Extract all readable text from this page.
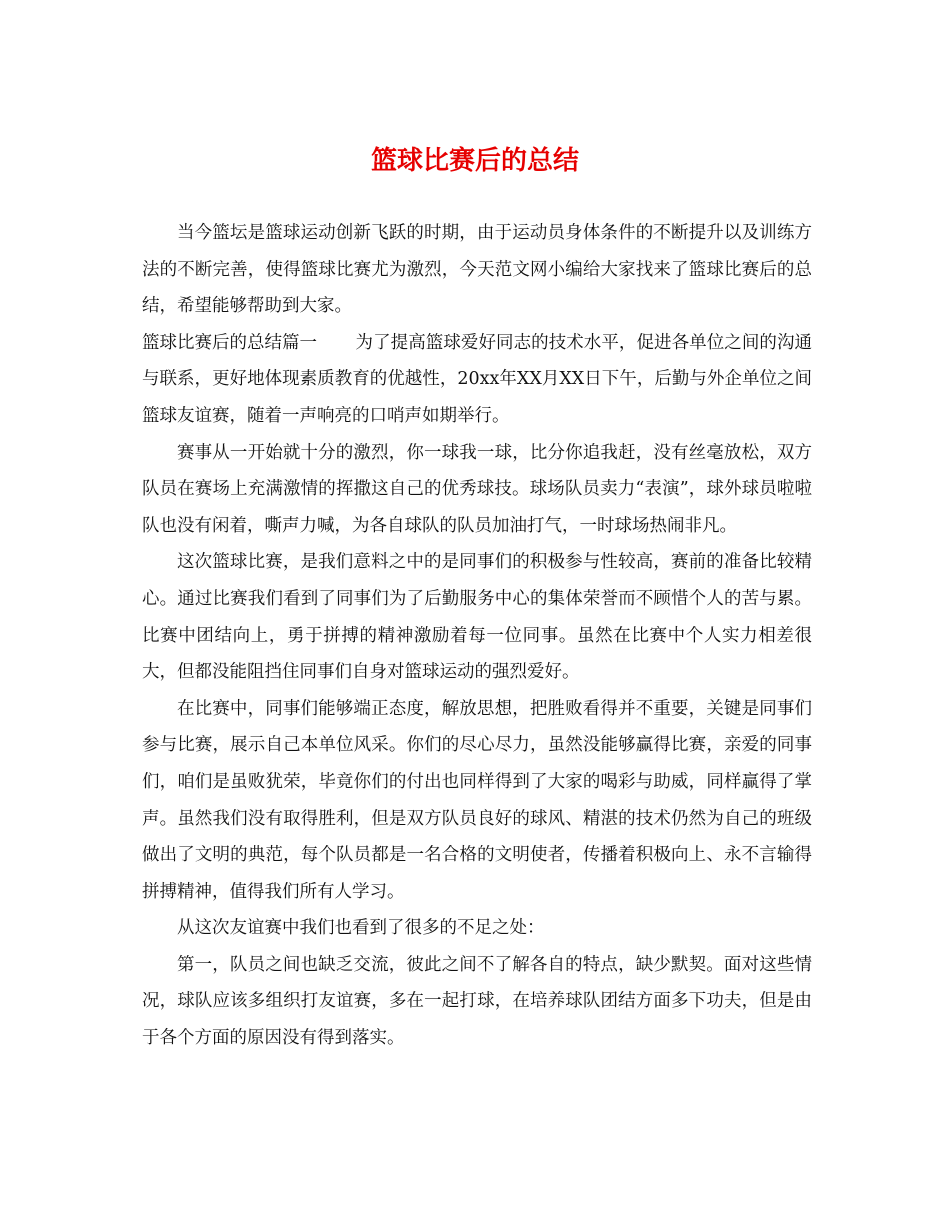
篮球比赛后的总结

当今篮坛是篮球运动创新飞跃的时期，由于运动员身体条件的不断提升以及训练方法的不断完善，使得篮球比赛尤为激烈，今天范文网小编给大家找来了篮球比赛后的总结，希望能够帮助到大家。

篮球比赛后的总结篇一 为了提高篮球爱好同志的技术水平，促进各单位之间的沟通与联系，更好地体现素质教育的优越性，20xx年XX月XX日下午，后勤与外企单位之间篮球友谊赛，随着一声响亮的口哨声如期举行。

赛事从一开始就十分的激烈，你一球我一球，比分你追我赶，没有丝毫放松，双方队员在赛场上充满激情的挥撒这自己的优秀球技。球场队员卖力“表演”，球外球员啦啦队也没有闲着，嘶声力喊，为各自球队的队员加油打气，一时球场热闹非凡。

这次篮球比赛，是我们意料之中的是同事们的积极参与性较高，赛前的准备比较精心。通过比赛我们看到了同事们为了后勤服务中心的集体荣誉而不顾惜个人的苦与累。比赛中团结向上，勇于拼搏的精神激励着每一位同事。虽然在比赛中个人实力相差很大，但都没能阻挡住同事们自身对篮球运动的强烈爱好。

在比赛中，同事们能够端正态度，解放思想，把胜败看得并不重要，关键是同事们参与比赛，展示自己本单位风采。你们的尽心尽力，虽然没能够赢得比赛，亲爱的同事们，咱们是虽败犹荣，毕竟你们的付出也同样得到了大家的喝彩与助威，同样赢得了掌声。虽然我们没有取得胜利，但是双方队员良好的球风、精湛的技术仍然为自己的班级做出了文明的典范，每个队员都是一名合格的文明使者，传播着积极向上、永不言输得拼搏精神，值得我们所有人学习。

从这次友谊赛中我们也看到了很多的不足之处：

第一，队员之间也缺乏交流，彼此之间不了解各自的特点，缺少默契。面对这些情况，球队应该多组织打友谊赛，多在一起打球，在培养球队团结方面多下功夫，但是由于各个方面的原因没有得到落实。
